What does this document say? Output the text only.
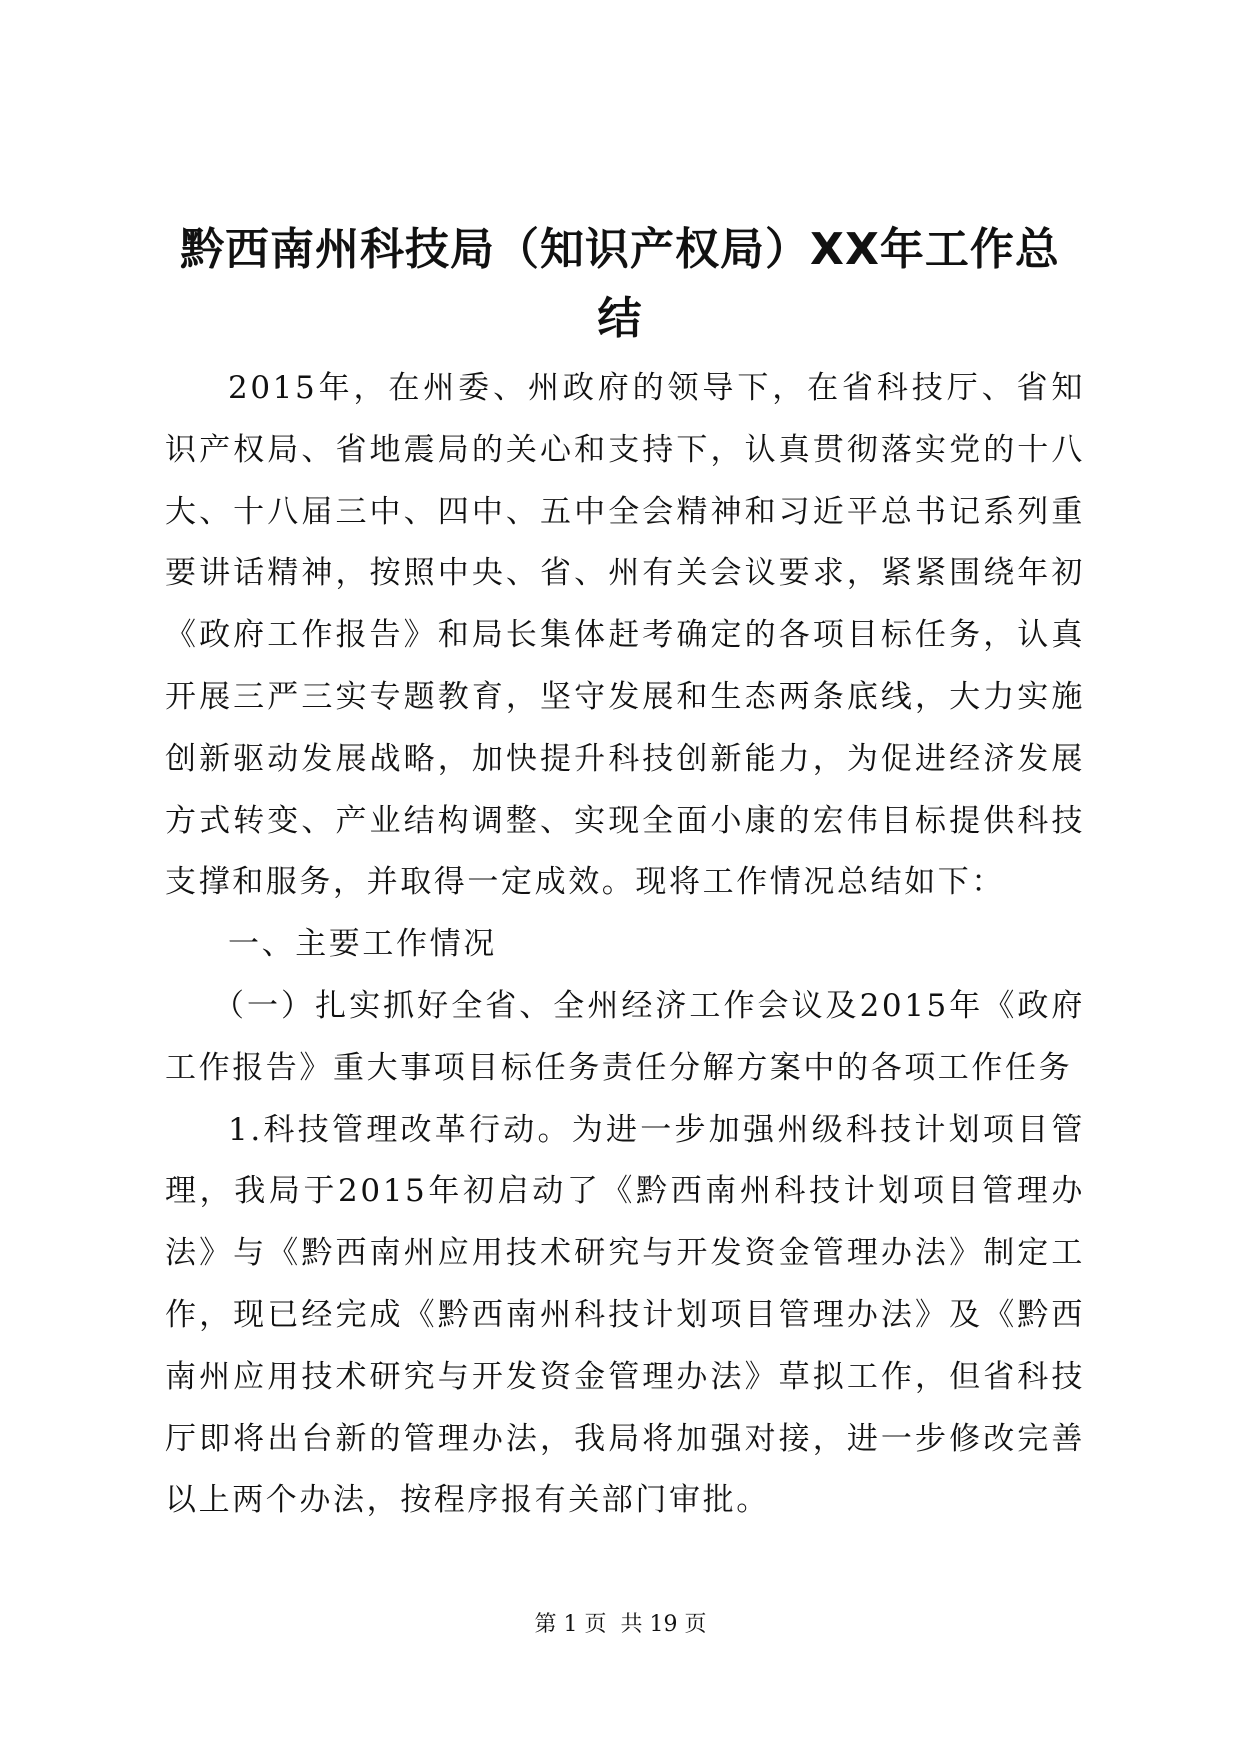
黔西南州科技局（知识产权局）XX年工作总
结

2015年，在州委、州政府的领导下，在省科技厅、省知识产权局、省地震局的关心和支持下，认真贯彻落实党的十八大、十八届三中、四中、五中全会精神和习近平总书记系列重要讲话精神，按照中央、省、州有关会议要求，紧紧围绕年初《政府工作报告》和局长集体赶考确定的各项目标任务，认真开展三严三实专题教育，坚守发展和生态两条底线，大力实施创新驱动发展战略，加快提升科技创新能力，为促进经济发展方式转变、产业结构调整、实现全面小康的宏伟目标提供科技支撑和服务，并取得一定成效。现将工作情况总结如下：

一、主要工作情况

（一）扎实抓好全省、全州经济工作会议及2015年《政府工作报告》重大事项目标任务责任分解方案中的各项工作任务

1.科技管理改革行动。为进一步加强州级科技计划项目管理，我局于2015年初启动了《黔西南州科技计划项目管理办法》与《黔西南州应用技术研究与开发资金管理办法》制定工作，现已经完成《黔西南州科技计划项目管理办法》及《黔西南州应用技术研究与开发资金管理办法》草拟工作，但省科技厅即将出台新的管理办法，我局将加强对接，进一步修改完善以上两个办法，按程序报有关部门审批。

第 1 页  共 19 页
